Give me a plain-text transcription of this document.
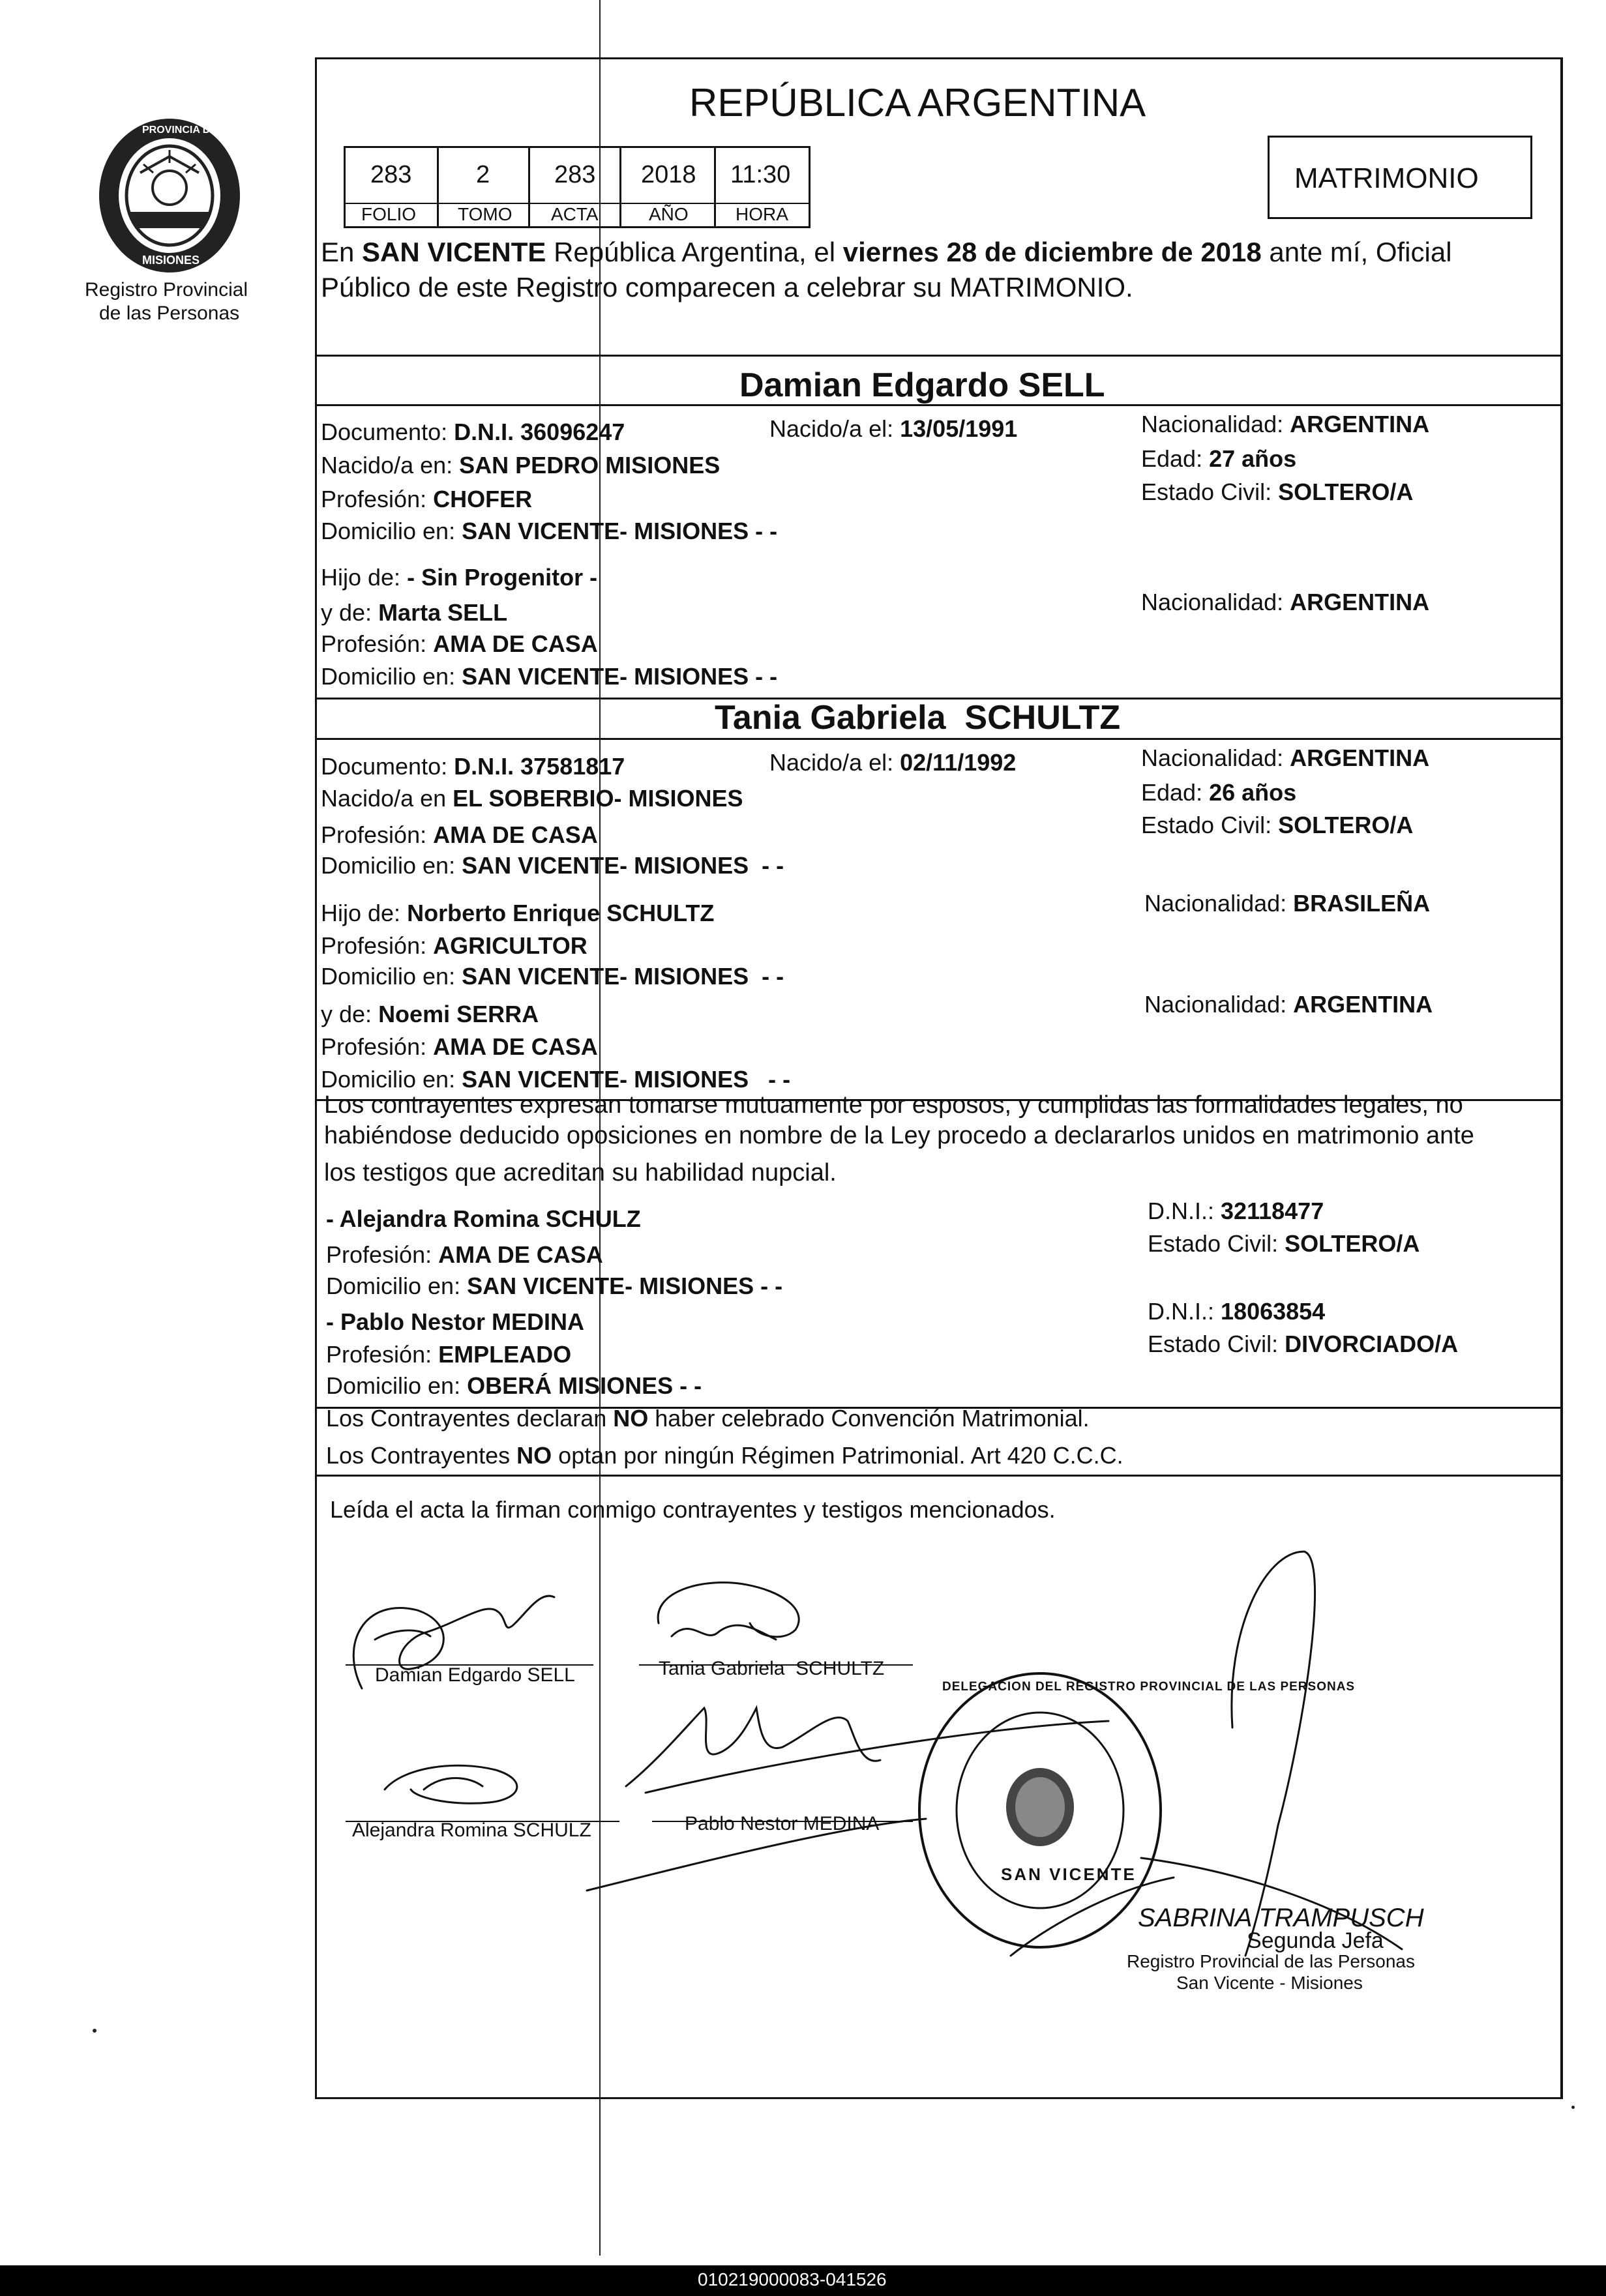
PROVINCIA DE
MISIONES
Registro Provincial
de las Personas
REPÚBLICA ARGENTINA
283
FOLIO
2
TOMO
283
ACTA
2018
AÑO
11:30
HORA
MATRIMONIO
En SAN VICENTE República Argentina, el viernes 28 de diciembre de 2018 ante mí, Oficial
Público de este Registro comparecen a celebrar su MATRIMONIO.
Damian Edgardo SELL
Documento: D.N.I. 36096247	Nacido/a el: 13/05/1991	Nacionalidad: ARGENTINA
Edad: 27 años
Estado Civil: SOLTERO/A
Nacido/a en: SAN PEDRO MISIONES
Profesión: CHOFER
Domicilio en: SAN VICENTE- MISIONES - -
Hijo de: - Sin Progenitor -
y de: Marta SELL	Nacionalidad: ARGENTINA
Profesión: AMA DE CASA
Domicilio en: SAN VICENTE- MISIONES - -
Tania Gabriela  SCHULTZ
Documento: D.N.I. 37581817	Nacido/a el: 02/11/1992	Nacionalidad: ARGENTINA
Edad: 26 años
Estado Civil: SOLTERO/A
Nacido/a en EL SOBERBIO- MISIONES
Profesión: AMA DE CASA
Domicilio en: SAN VICENTE- MISIONES  - -
Hijo de: Norberto Enrique SCHULTZ	Nacionalidad: BRASILEÑA
Profesión: AGRICULTOR
Domicilio en: SAN VICENTE- MISIONES  - -
y de: Noemi SERRA	Nacionalidad: ARGENTINA
Profesión: AMA DE CASA
Domicilio en: SAN VICENTE- MISIONES   - -
Los contrayentes expresan tomarse mutuamente por esposos, y cumplidas las formalidades legales, no
habiéndose deducido oposiciones en nombre de la Ley procedo a declararlos unidos en matrimonio ante
los testigos que acreditan su habilidad nupcial.
- Alejandra Romina SCHULZ
Profesión: AMA DE CASA
Domicilio en: SAN VICENTE- MISIONES - -
D.N.I.: 32118477
Estado Civil: SOLTERO/A
- Pablo Nestor MEDINA
Profesión: EMPLEADO
Domicilio en: OBERÁ MISIONES - -
D.N.I.: 18063854
Estado Civil: DIVORCIADO/A
Los Contrayentes declaran NO haber celebrado Convención Matrimonial.
Los Contrayentes NO optan por ningún Régimen Patrimonial. Art 420 C.C.C.
Leída el acta la firman conmigo contrayentes y testigos mencionados.
Damian Edgardo SELL	Tania Gabriela  SCHULTZ
Alejandra Romina SCHULZ	Pablo Nestor MEDINA
DELEGACION DEL REGISTRO PROVINCIAL DE LAS PERSONAS
SAN VICENTE
SABRINA TRAMPUSCH
Segunda Jefa
Registro Provincial de las Personas
San Vicente - Misiones
010219000083-041526
